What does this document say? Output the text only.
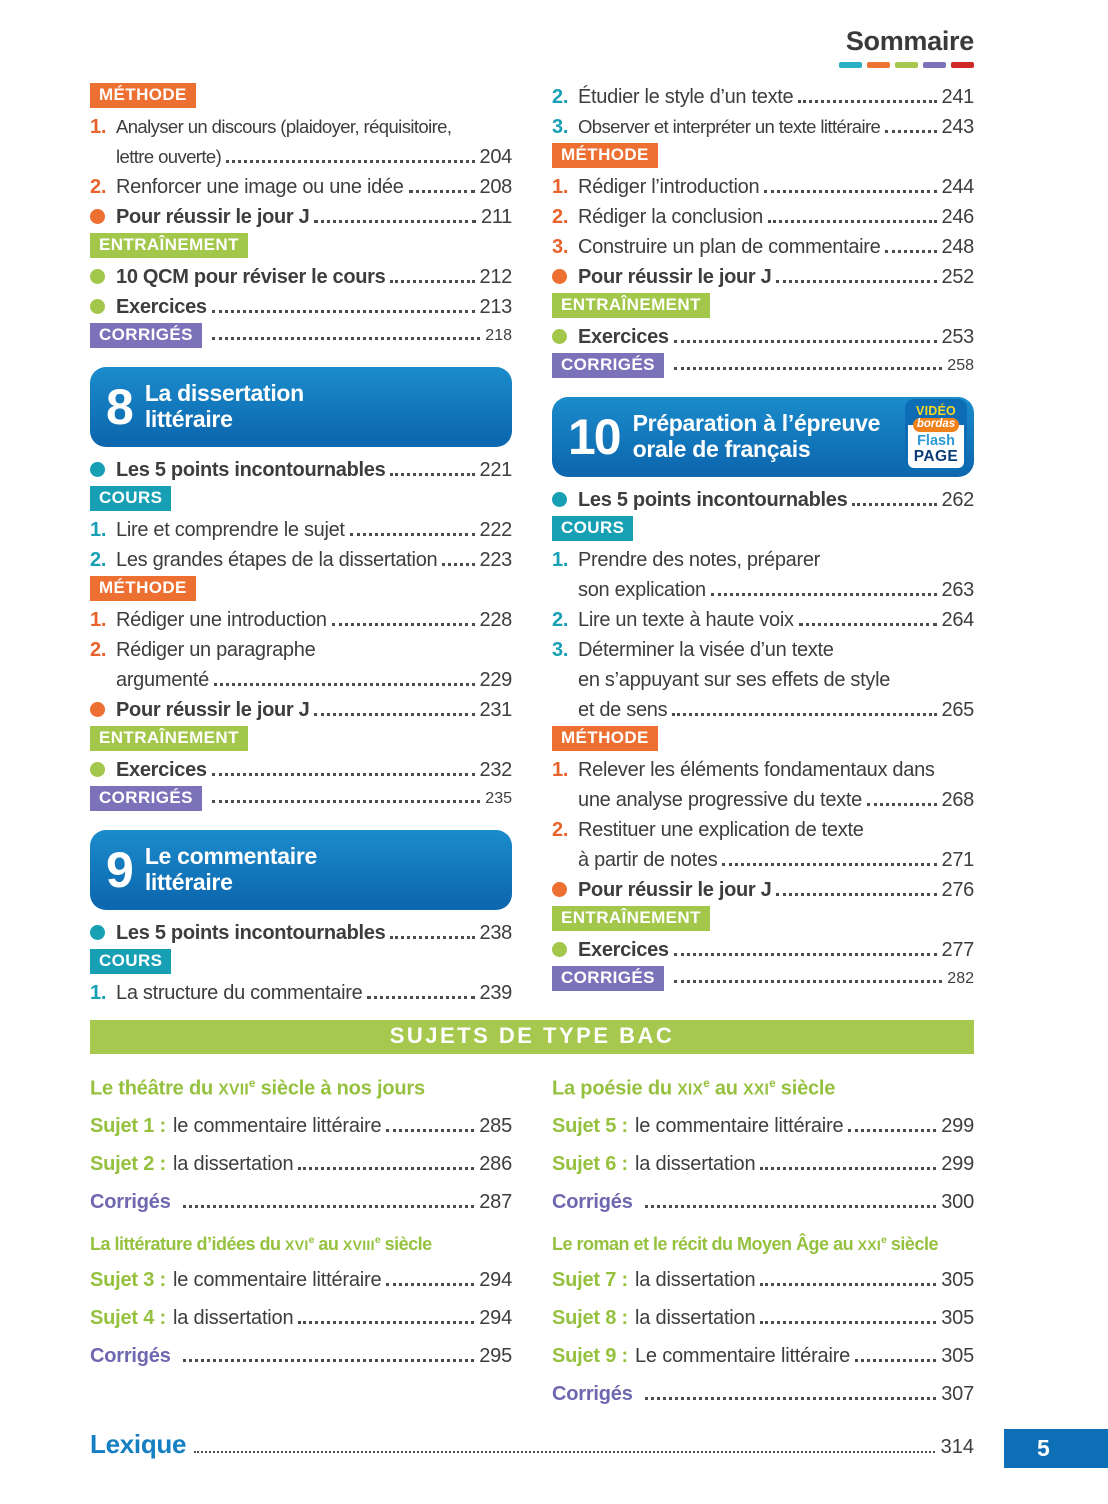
Sommaire
MÉTHODE
1. Analyser un discours (plaidoyer, réquisitoire,
lettre ouverte)	204
2. Renforcer une image ou une idée	208
Pour réussir le jour J	211
ENTRAÎNEMENT
10 QCM pour réviser le cours	212
Exercices	213
CORRIGÉS	218
8 La dissertation
littéraire
Les 5 points incontournables	221
COURS
1. Lire et comprendre le sujet	222
2. Les grandes étapes de la dissertation 223
MÉTHODE
1. Rédiger une introduction	228
2. Rédiger un paragraphe
argumenté	229
Pour réussir le jour J	231
ENTRAÎNEMENT
Exercices	232
CORRIGÉS	235
9 Le commentaire
littéraire
Les 5 points incontournables	238
COURS
1. La structure du commentaire	239
2. Étudier le style d’un texte	241
3. Observer et interpréter un texte littéraire	243
MÉTHODE
1. Rédiger l’introduction	244
2. Rédiger la conclusion	246
3. Construire un plan de commentaire	248
Pour réussir le jour J	252
ENTRAÎNEMENT
Exercices	253
CORRIGÉS	258
10 Préparation à l’épreuve
orale de français
VIDÉO
bordas
Flash
PAGE
Les 5 points incontournables	262
COURS
1. Prendre des notes, préparer
son explication	263
2. Lire un texte à haute voix	264
3. Déterminer la visée d’un texte
en s’appuyant sur ses effets de style
et de sens	265
MÉTHODE
1. Relever les éléments fondamentaux dans
une analyse progressive du texte	268
2. Restituer une explication de texte
à partir de notes	271
Pour réussir le jour J	276
ENTRAÎNEMENT
Exercices	277
CORRIGÉS	282
SUJETS DE TYPE BAC
Le théâtre du XVIIe siècle à nos jours
Sujet 1 : le commentaire littéraire	285
Sujet 2 : la dissertation	286
Corrigés	287
La littérature d’idées du XVIe au XVIIIe siècle
Sujet 3 : le commentaire littéraire	294
Sujet 4 : la dissertation	294
Corrigés	295
La poésie du XIXe au XXIe siècle
Sujet 5 : le commentaire littéraire	299
Sujet 6 : la dissertation	299
Corrigés	300
Le roman et le récit du Moyen Âge au XXIe siècle
Sujet 7 : la dissertation	305
Sujet 8 : la dissertation	305
Sujet 9 : Le commentaire littéraire	305
Corrigés	307
Lexique	314	5
